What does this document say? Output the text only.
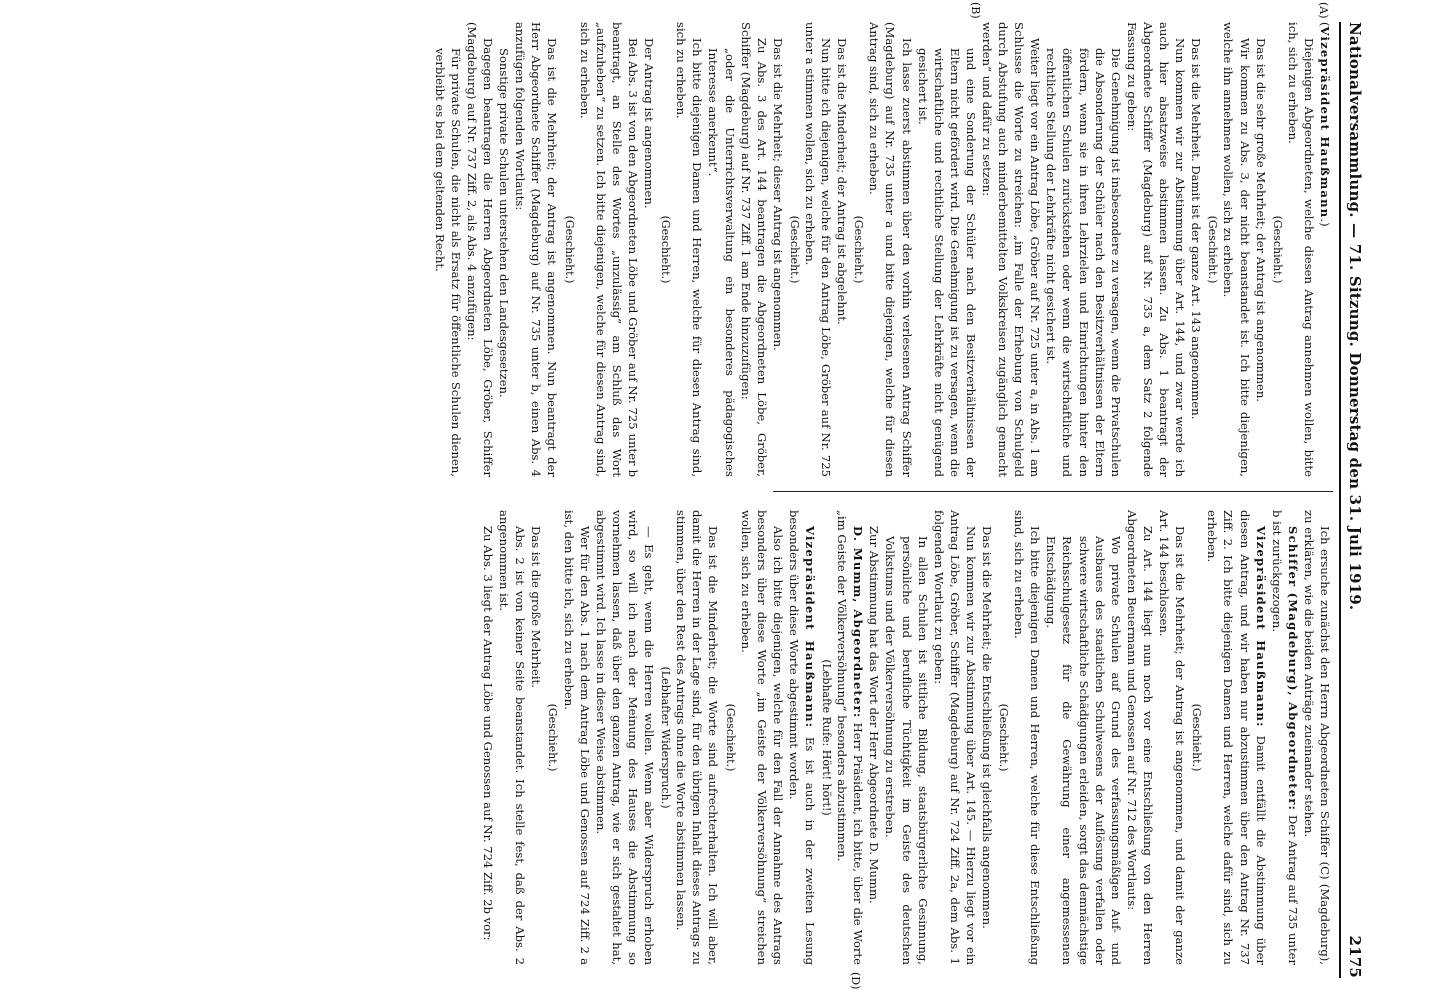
Nationalversammlung. — 71. Sitzung. Donnerstag den 31. Juli 1919.
2175
(A)
(B)

(Vizepräsident Haußmann.)

Diejenigen Abgeordneten, welche diesen Antrag annehmen wollen, bitte ich, sich zu erheben.

(Geschieht.)

Das ist die sehr große Mehrheit; der Antrag ist angenommen.

Wir kommen zu Abs. 3, der nicht beanstandet ist. Ich bitte diejenigen, welche ihn annehmen wollen, sich zu erheben.

(Geschieht.)

Das ist die Mehrheit. Damit ist der ganze Art. 143 angenommen.

Nun kommen wir zur Abstimmung über Art. 144, und zwar werde ich auch hier absatzweise abstimmen lassen. Zu Abs. 1 beantragt der Abgeordnete Schiffer (Magdeburg) auf Nr. 735 a, dem Satz 2 folgende Fassung zu geben:

Die Genehmigung ist insbesondere zu versagen, wenn die Privatschulen die Absonderung der Schüler nach den Besitzverhältnissen der Eltern fördern, wenn sie in ihren Lehrzielen und Einrichtungen hinter den öffentlichen Schulen zurückstehen oder wenn die wirtschaftliche und rechtliche Stellung der Lehrkräfte nicht gesichert ist.

Weiter liegt vor ein Antrag Löbe, Gröber auf Nr. 725 unter a, in Abs. 1 am Schlusse die Worte zu streichen: „im Falle der Erhebung von Schulgeld durch Abstufung auch minderbemittelten Volkskreisen zugänglich gemacht werden“ und dafür zu setzen:

und eine Sonderung der Schüler nach den Besitzverhältnissen der Eltern nicht gefördert wird. Die Genehmigung ist zu versagen, wenn die wirtschaftliche und rechtliche Stellung der Lehrkräfte nicht genügend gesichert ist.

Ich lasse zuerst abstimmen über den vorhin verlesenen Antrag Schiffer (Magdeburg) auf Nr. 735 unter a und bitte diejenigen, welche für diesen Antrag sind, sich zu erheben.

(Geschieht.)

Das ist die Minderheit; der Antrag ist abgelehnt.

Nun bitte ich diejenigen, welche für den Antrag Löbe, Gröber auf Nr. 725 unter a stimmen wollen, sich zu erheben.

(Geschieht.)

Das ist die Mehrheit; dieser Antrag ist angenommen.

Zu Abs. 3 des Art. 144 beantragen die Abgeordneten Löbe, Gröber, Schiffer (Magdeburg) auf Nr. 737 Ziff. 1 am Ende hinzuzufügen:

„oder die Unterrichtsverwaltung ein besonderes pädagogisches Interesse anerkennt“.

Ich bitte diejenigen Damen und Herren, welche für diesen Antrag sind, sich zu erheben.

(Geschieht.)

Der Antrag ist angenommen.

Bei Abs. 3 ist von den Abgeordneten Löbe und Gröber auf Nr. 725 unter b beantragt, an Stelle des Wortes „unzulässig“ am Schluß das Wort „aufzuheben“ zu setzen. Ich bitte diejenigen, welche für diesen Antrag sind, sich zu erheben.

(Geschieht.)

Das ist die Mehrheit; der Antrag ist angenommen. Nun beantragt der Herr Abgeordnete Schiffer (Magdeburg) auf Nr. 735 unter b, einen Abs. 4 anzufügen folgenden Wortlauts:

Sonstige private Schulen unterstehen den Landesgesetzen.

Dagegen beantragen die Herren Abgeordneten Löbe, Gröber, Schiffer (Magdeburg) auf Nr. 737 Ziff. 2, als Abs. 4 anzufügen:

Für private Schulen, die nicht als Ersatz für öffentliche Schulen dienen, verbleibt es bei dem geltenden Recht.

(D)

Ich ersuche zunächst den Herrn Abgeordneten Schiffer (C) (Magdeburg), zu erklären, wie die beiden Anträge zueinander stehen.

Schiffer (Magdeburg), Abgeordneter: Der Antrag auf 735 unter b ist zurückgezogen.

Vizepräsident Haußmann: Damit entfällt die Abstimmung über diesen Antrag, und wir haben nur abzustimmen über den Antrag Nr. 737 Ziff. 2. Ich bitte diejenigen Damen und Herren, welche dafür sind, sich zu erheben.

(Geschieht.)

Das ist die Mehrheit; der Antrag ist angenommen, und damit der ganze Art. 144 beschlossen.

Zu Art. 144 liegt nun noch vor eine Entschließung von den Herren Abgeordneten Beuermann und Genossen auf Nr. 712 des Wortlauts:

Wo private Schulen auf Grund des verfassungsmäßigen Auf- und Ausbaues des staatlichen Schulwesens der Auflösung verfallen oder schwere wirtschaftliche Schädigungen erleiden, sorgt das demnächstige Reichsschulgesetz für die Gewährung einer angemessenen Entschädigung.

Ich bitte diejenigen Damen und Herren, welche für diese Entschließung sind, sich zu erheben.

(Geschieht.)

Das ist die Mehrheit; die Entschließung ist gleichfalls angenommen.

Nun kommen wir zur Abstimmung über Art. 145. — Hierzu liegt vor ein Antrag Löbe, Gröber, Schiffer (Magdeburg) auf Nr. 724 Ziff. 2a, dem Abs. 1 folgenden Wortlaut zu geben:

In allen Schulen ist sittliche Bildung, staatsbürgerliche Gesinnung, persönliche und berufliche Tüchtigkeit im Geiste des deutschen Volkstums und der Völkerversöhnung zu erstreben.

Zur Abstimmung hat das Wort der Herr Abgeordnete D. Mumm.

D. Mumm, Abgeordneter: Herr Präsident, ich bitte, über die Worte „im Geiste der Völkerversöhnung“ besonders abzustimmen.

(Lebhafte Rufe: Hört! hört!)

Vizepräsident Haußmann: Es ist auch in der zweiten Lesung besonders über diese Worte abgestimmt worden.

Also ich bitte diejenigen, welche für den Fall der Annahme des Antrags besonders über diese Worte „im Geiste der Völkerversöhnung“ streichen wollen, sich zu erheben.

(Geschieht.)

Das ist die Minderheit; die Worte sind aufrechterhalten. Ich will aber, damit die Herren in der Lage sind, für den übrigen Inhalt dieses Antrags zu stimmen, über den Rest des Antrags ohne die Worte abstimmen lassen.

(Lebhafter Widerspruch.)

— Es geht, wenn die Herren wollen. Wenn aber Widerspruch erhoben wird, so will ich nach der Meinung des Hauses die Abstimmung so vornehmen lassen, daß über den ganzen Antrag, wie er sich gestaltet hat, abgestimmt wird. Ich lasse in dieser Weise abstimmen.

Wer für den Abs. 1 nach dem Antrag Löbe und Genossen auf 724 Ziff. 2 a ist, den bitte ich, sich zu erheben.

(Geschieht.)

Das ist die große Mehrheit.

Abs. 2 ist von keiner Seite beanstandet. Ich stelle fest, daß der Abs. 2 angenommen ist.

Zu Abs. 3 liegt der Antrag Löbe und Genossen auf Nr. 724 Ziff. 2b vor:
